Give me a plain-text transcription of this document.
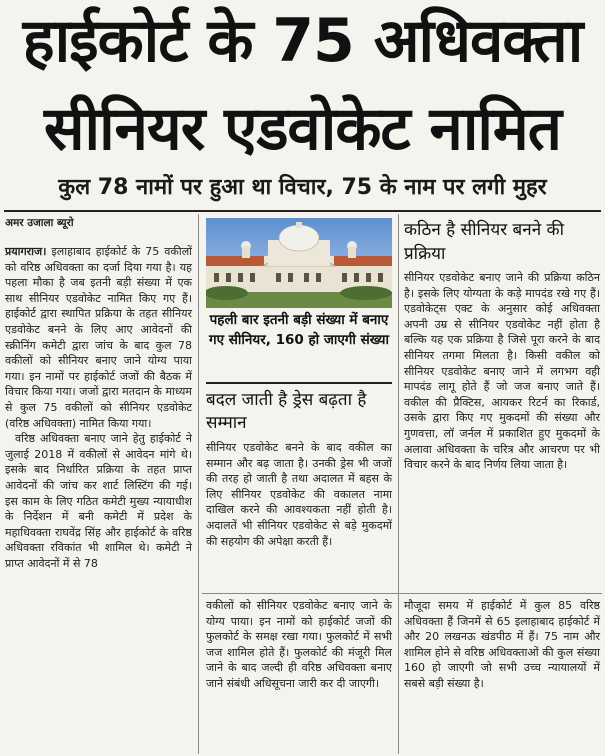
हाईकोर्ट के 75 अधिवक्ता
सीनियर एडवोकेट नामित
कुल 78 नामों पर हुआ था विचार, 75 के नाम पर लगी मुहर
अमर उजाला ब्यूरो

प्रयागराज। इलाहाबाद हाईकोर्ट के 75 वकीलों को वरिष्ठ अधिवक्ता का दर्जा दिया गया है। यह पहला मौका है जब इतनी बड़ी संख्या में एक साथ सीनियर एडवोकेट नामित किए गए हैं। हाईकोर्ट द्वारा स्थापित प्रक्रिया के तहत सीनियर एडवोकेट बनने के लिए आए आवेदनों की स्क्रीनिंग कमेटी द्वारा जांच के बाद कुल 78 वकीलों को सीनियर बनाए जाने योग्य पाया गया। इन नामों पर हाईकोर्ट जजों की बैठक में विचार किया गया। जजों द्वारा मतदान के माध्यम से कुल 75 वकीलों को सीनियर एडवोकेट (वरिष्ठ अधिवक्ता) नामित किया गया।

वरिष्ठ अधिवक्ता बनाए जाने हेतु हाईकोर्ट ने जुलाई 2018 में वकीलों से आवेदन मांगे थे। इसके बाद निर्धारित प्रक्रिया के तहत प्राप्त आवेदनों की जांच कर शार्ट लिस्टिंग की गई। इस काम के लिए गठित कमेटी मुख्य न्यायाधीश के निर्देशन में बनी कमेटी में प्रदेश के महाधिवक्ता राघवेंद्र सिंह और हाईकोर्ट के वरिष्ठ अधिवक्ता रविकांत भी शामिल थे। कमेटी ने प्राप्त आवेदनों में से 78

पहली बार इतनी बड़ी संख्या में बनाए गए सीनियर, 160 हो जाएगी संख्या
बदल जाती है ड्रेस बढ़ता है सम्मान

सीनियर एडवोकेट बनने के बाद वकील का सम्मान और बढ़ जाता है। उनकी ड्रेस भी जजों की तरह हो जाती है तथा अदालत में बहस के लिए सीनियर एडवोकेट की वकालत नामा दाखिल करने की आवश्यकता नहीं होती है। अदालतें भी सीनियर एडवोकेट से बड़े मुकदमों की सहयोग की अपेक्षा करती हैं।

वकीलों को सीनियर एडवोकेट बनाए जाने के योग्य पाया। इन नामों को हाईकोर्ट जजों की फुलकोर्ट के समक्ष रखा गया। फुलकोर्ट में सभी जज शामिल होते हैं। फुलकोर्ट की मंजूरी मिल जाने के बाद जल्दी ही वरिष्ठ अधिवक्ता बनाए जाने संबंधी अधिसूचना जारी कर दी जाएगी।

कठिन है सीनियर बनने की प्रक्रिया

सीनियर एडवोकेट बनाए जाने की प्रक्रिया कठिन है। इसके लिए योग्यता के कड़े मापदंड रखे गए हैं। एडवोकेट्स एक्ट के अनुसार कोई अधिवक्ता अपनी उम्र से सीनियर एडवोकेट नहीं होता है बल्कि यह एक प्रक्रिया है जिसे पूरा करने के बाद सीनियर तगमा मिलता है। किसी वकील को सीनियर एडवोकेट बनाए जाने में लगभग वही मापदंड लागू होते हैं जो जज बनाए जाते हैं। वकील की प्रैक्टिस, आयकर रिटर्न का रिकार्ड, उसके द्वारा किए गए मुकदमों की संख्या और गुणवत्ता, लॉ जर्नल में प्रकाशित हुए मुकदमों के अलावा अधिवक्ता के चरित्र और आचरण पर भी विचार करने के बाद निर्णय लिया जाता है।

मौजूदा समय में हाईकोर्ट में कुल 85 वरिष्ठ अधिवक्ता हैं जिनमें से 65 इलाहाबाद हाईकोर्ट में और 20 लखनऊ खंडपीठ में हैं। 75 नाम और शामिल होने से वरिष्ठ अधिवक्ताओं की कुल संख्या 160 हो जाएगी जो सभी उच्च न्यायालयों में सबसे बड़ी संख्या है।
